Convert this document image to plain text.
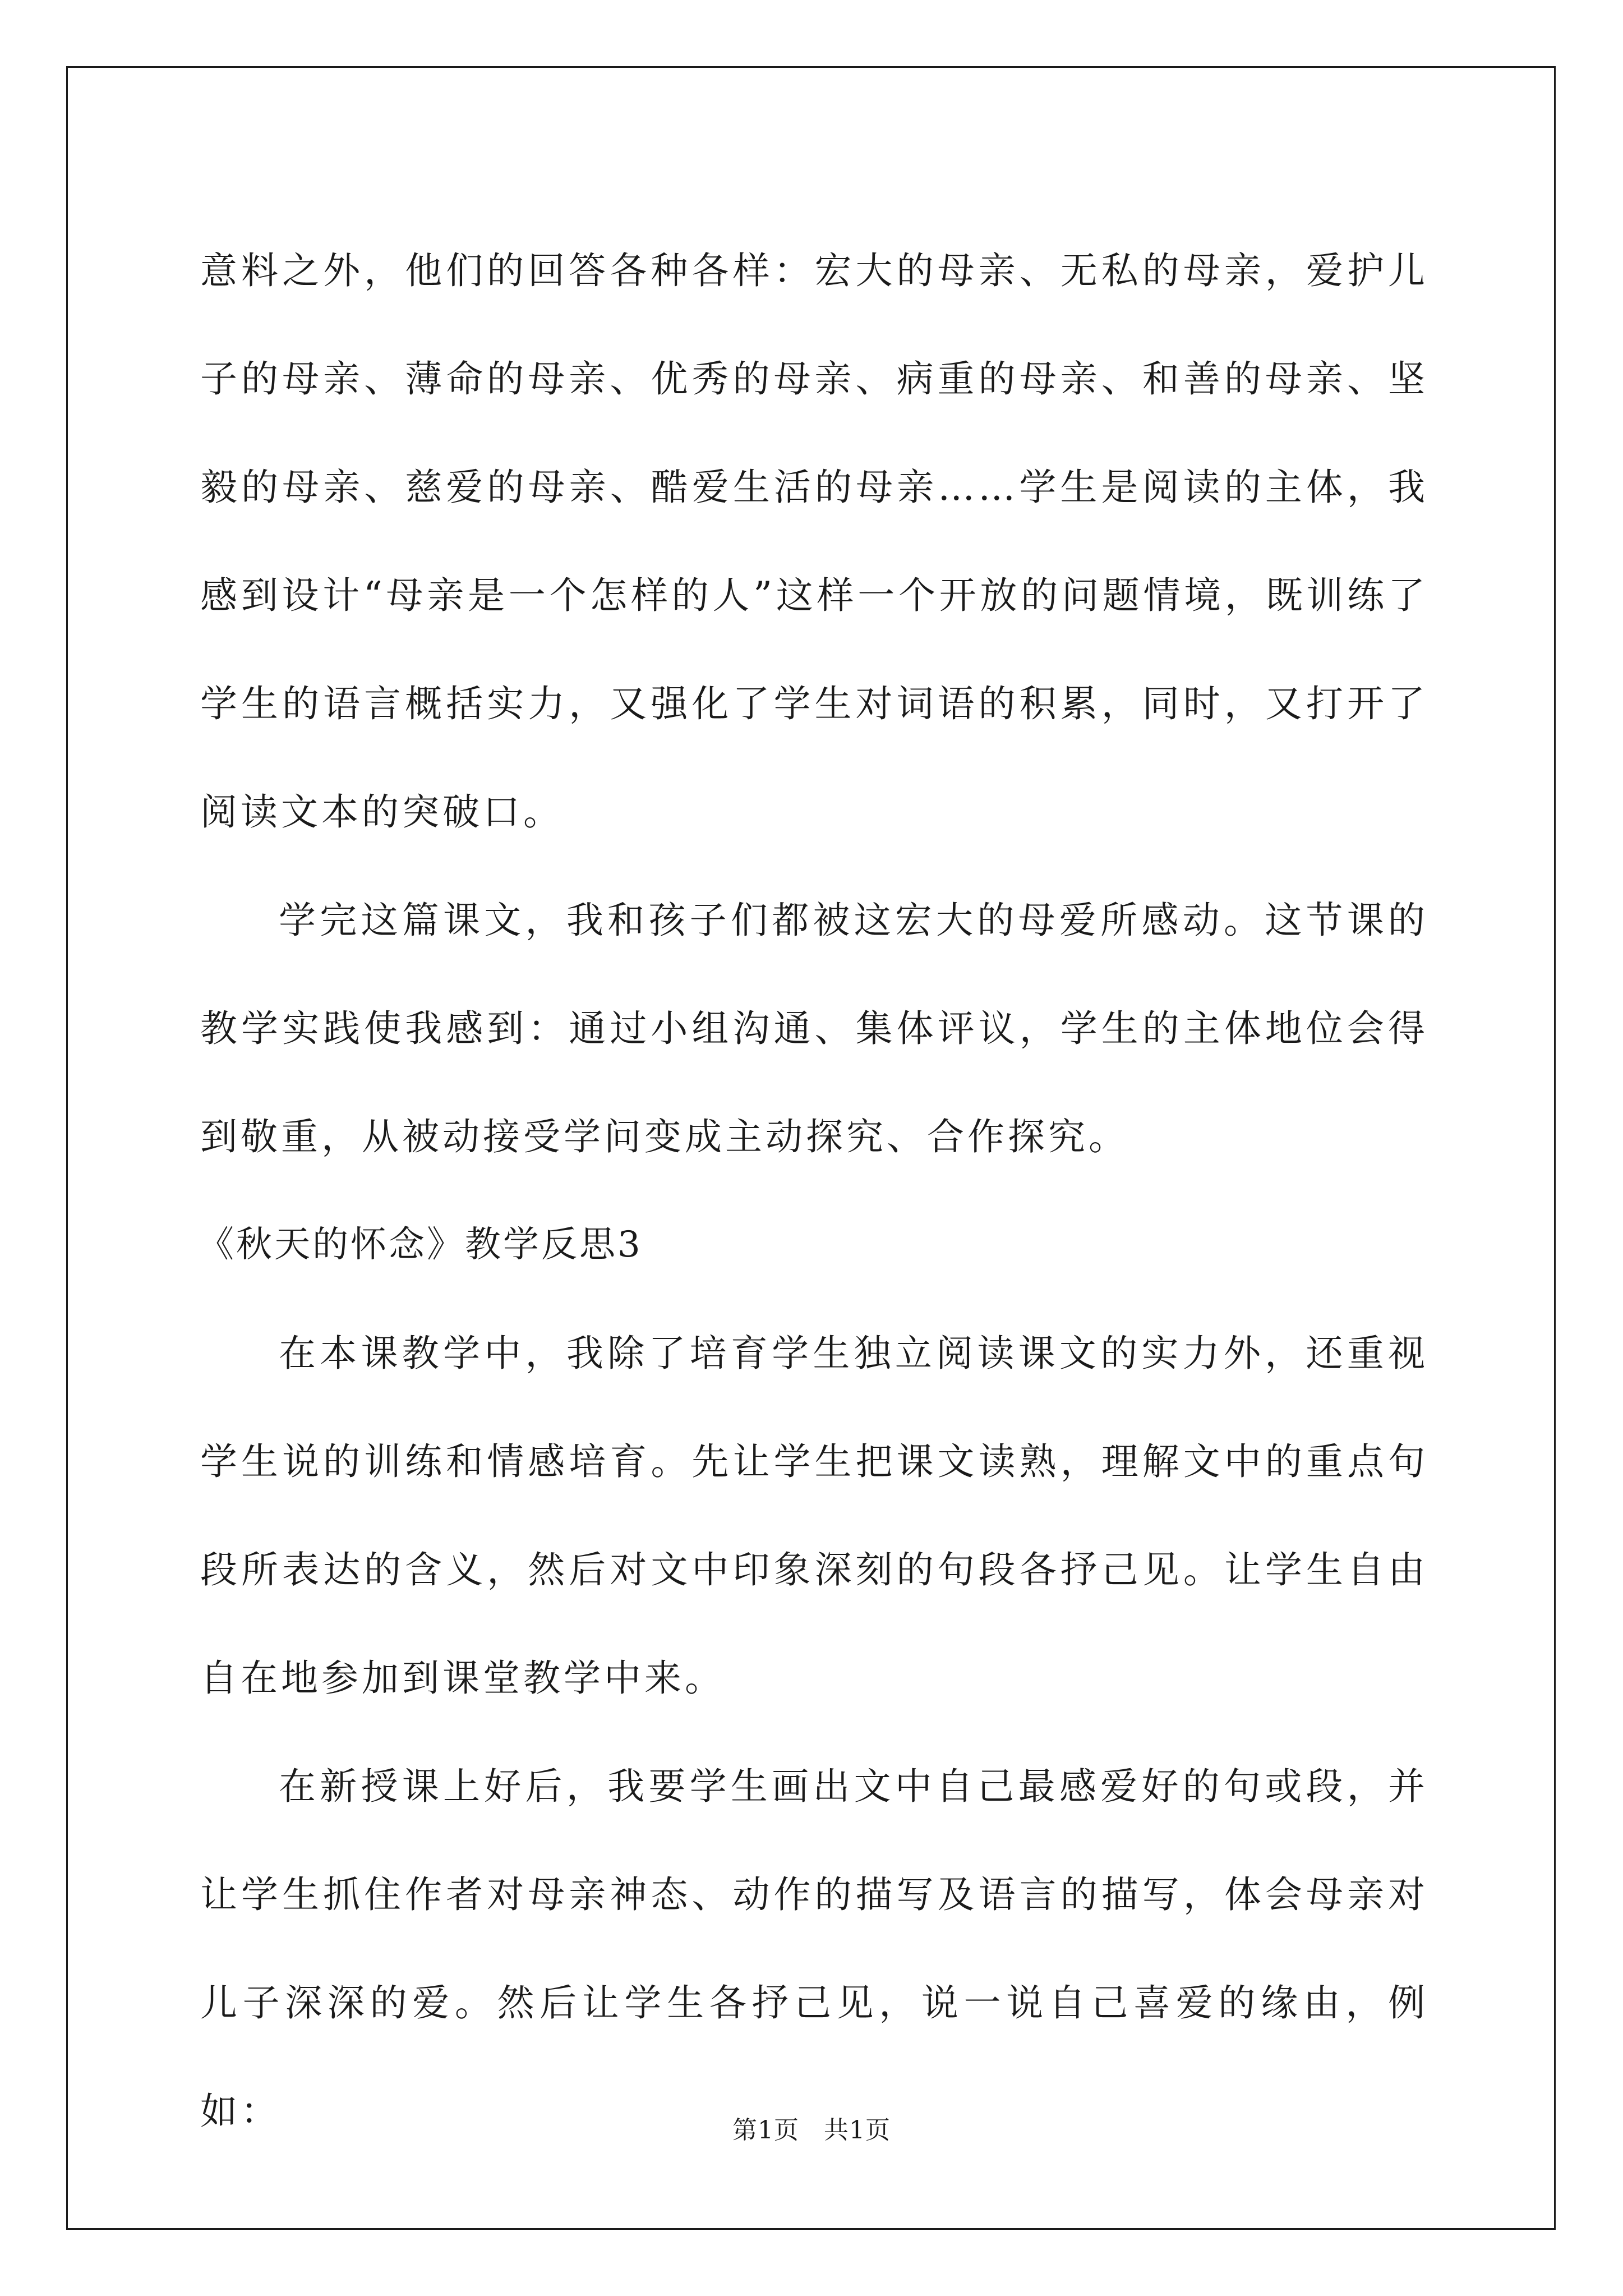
意料之外，他们的回答各种各样：宏大的母亲、无私的母亲，爱护儿子的母亲、薄命的母亲、优秀的母亲、病重的母亲、和善的母亲、坚毅的母亲、慈爱的母亲、酷爱生活的母亲……学生是阅读的主体，我感到设计“母亲是一个怎样的人”这样一个开放的问题情境，既训练了学生的语言概括实力，又强化了学生对词语的积累，同时，又打开了阅读文本的突破口。

学完这篇课文，我和孩子们都被这宏大的母爱所感动。这节课的教学实践使我感到：通过小组沟通、集体评议，学生的主体地位会得到敬重，从被动接受学问变成主动探究、合作探究。

《秋天的怀念》教学反思3

在本课教学中，我除了培育学生独立阅读课文的实力外，还重视学生说的训练和情感培育。先让学生把课文读熟，理解文中的重点句段所表达的含义，然后对文中印象深刻的句段各抒己见。让学生自由自在地参加到课堂教学中来。

在新授课上好后，我要学生画出文中自己最感爱好的句或段，并让学生抓住作者对母亲神态、动作的描写及语言的描写，体会母亲对儿子深深的爱。然后让学生各抒己见，说一说自己喜爱的缘由，例如：	第1页 共1页
